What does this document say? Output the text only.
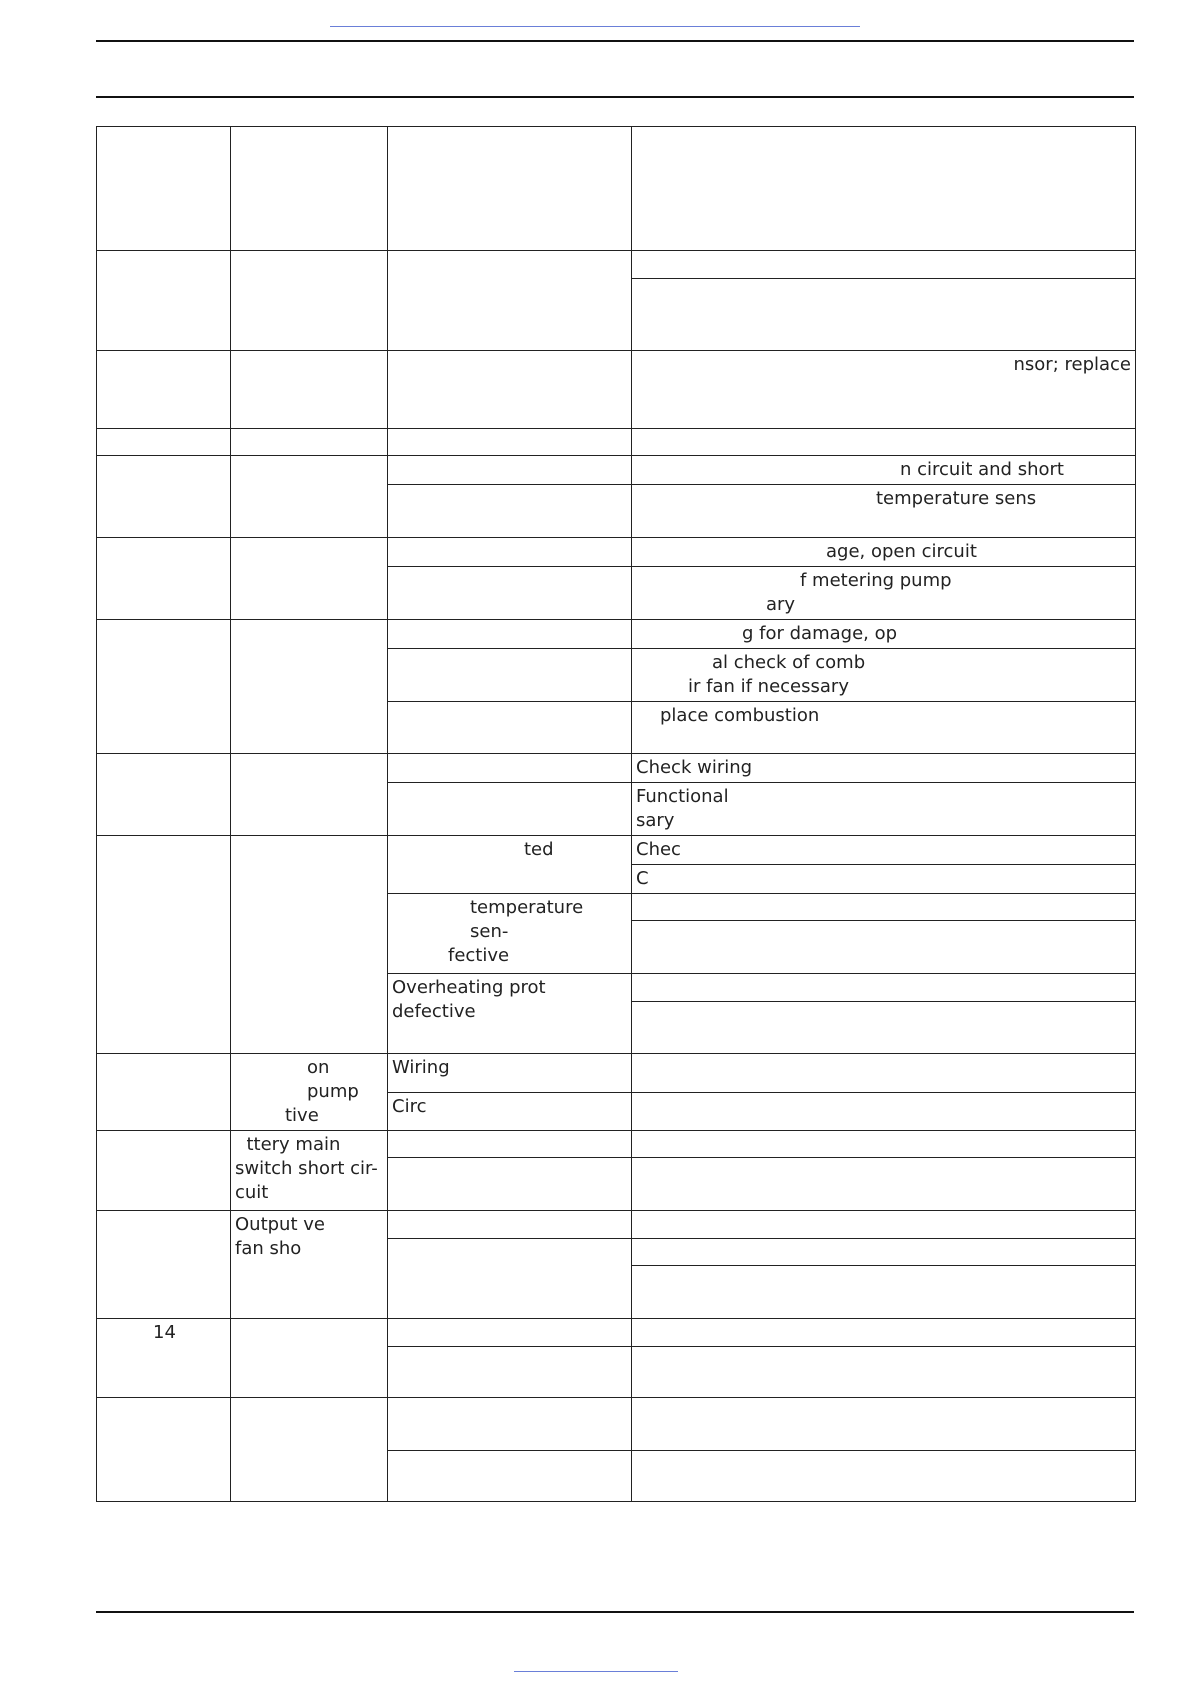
			nsor; replace

			n circuit and short

			temperature sens

			age, open circuit

			f metering pump
ary

			g for damage, op

			al check of comb
ir fan if necessary

			place combustion

			Check wiring

			Functional
sary

		ted	Chec

			C

		temperature sen-
fective	

		Overheating prot
defective	

	on pump
tive	Wiring	

		Circ	

	ttery main
switch short cir-
cuit		

	Output ve
fan sho		

14			
